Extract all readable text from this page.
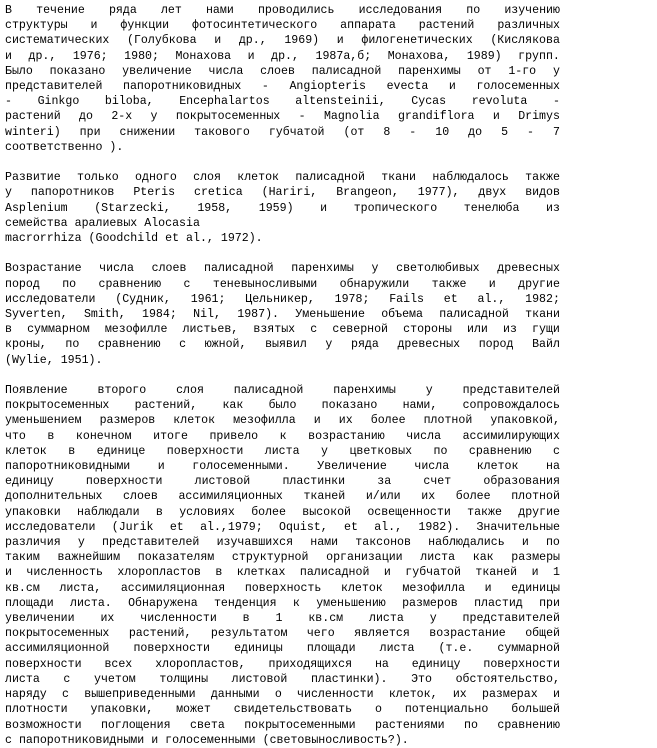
В течение ряда лет нами проводились исследования по изучению
структуры и функции фотосинтетического аппарата растений различных
систематических (Голубкова и др., 1969) и филогенетических (Кислякова
и др., 1976; 1980; Монахова и др., 1987а,б; Монахова, 1989) групп.
Было показано увеличение числа слоев палисадной паренхимы от 1-го у
представителей папоротниковидных - Angiopteris evecta и голосеменных
- Ginkgo biloba, Encephalartos altensteinii, Cycas revoluta -
растений до 2-х у покрытосеменных - Magnolia grandiflora и Drimys
winteri) при снижении такового губчатой (от 8 - 10 до 5 - 7
соответственно ).
Развитие только одного слоя клеток палисадной ткани наблюдалось также
у папоротников Pteris cretica (Hariri, Brangeon, 1977), двух видов
Asplenium (Starzecki, 1958, 1959) и тропического тенелюба из
семейства аралиевых Alocasia
macrorrhiza (Goodchild et al., 1972).
Возрастание числа слоев палисадной паренхимы у светолюбивых древесных
пород по сравнению с теневыносливыми обнаружили также и другие
исследователи (Судник, 1961; Цельникер, 1978; Fails et al., 1982;
Syverten, Smith, 1984; Nil, 1987). Уменьшение объема палисадной ткани
в суммарном мезофилле листьев, взятых с северной стороны или из гущи
кроны, по сравнению с южной, выявил у ряда древесных пород Вайл
(Wylie, 1951).
Появление	второго	слоя	палисадной	паренхимы	у	представителей
покрытосеменных растений, как было показано нами, сопровождалось
уменьшением размеров клеток мезофилла и их более плотной упаковкой,
что в конечном итоге привело к возрастанию числа ассимилирующих
клеток в единице поверхности листа у цветковых по сравнению с
папоротниковидными и голосеменными. Увеличение числа клеток на
единицу	поверхности	листовой	пластинки	за	счет	образования
дополнительных слоев ассимиляционных тканей и/или их более плотной
упаковки наблюдали в условиях более высокой освещенности также другие
исследователи (Jurik et al.,1979; Oquist, et al., 1982). Значительные
различия у представителей изучавшихся нами таксонов наблюдались и по
таким важнейшим показателям структурной организации листа как размеры
и численность хлоропластов в клетках палисадной и губчатой тканей и 1
кв.см листа, ассимиляционная поверхность клеток мезофилла и единицы
площади листа. Обнаружена тенденция к уменьшению размеров пластид при
увеличении их численности в 1 кв.см листа у представителей
покрытосеменных растений, результатом чего является возрастание общей
ассимиляционной поверхности единицы площади листа (т.е. суммарной
поверхности всех хлоропластов, приходящихся на единицу поверхности
листа с учетом толщины листовой пластинки). Это обстоятельство,
наряду с вышеприведенными данными о численности клеток, их размерах и
плотности упаковки, может свидетельствовать о потенциально большей
возможности поглощения света покрытосеменными растениями по сравнению
с папоротниковидными и голосеменными (световыносливость?).
